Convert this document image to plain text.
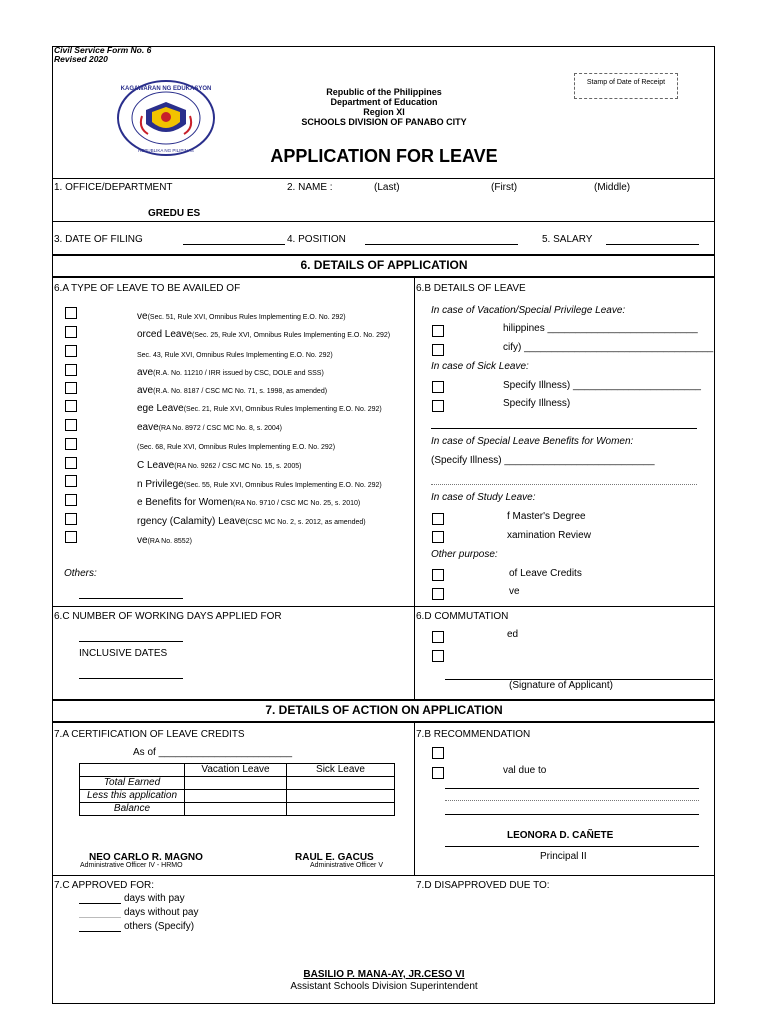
Civil Service Form No. 6
Revised 2020
KAGAWARAN NG EDUKASYON
REPUBLIKA NG PILIPINAS
Republic of the Philippines
Department of Education
Region XI
SCHOOLS DIVISION OF PANABO CITY
Stamp of Date of Receipt
APPLICATION FOR LEAVE
1. OFFICE/DEPARTMENT	2. NAME :	(Last)	(First)	(Middle)
GREDU ES
3. DATE OF FILING	4. POSITION	5. SALARY
6. DETAILS OF APPLICATION
6.A TYPE OF LEAVE TO BE AVAILED OF	6.B DETAILS OF LEAVE
ve(Sec. 51, Rule XVI, Omnibus Rules Implementing E.O. No. 292)
orced Leave(Sec. 25, Rule XVI, Omnibus Rules Implementing E.O. No. 292)
Sec. 43, Rule XVI, Omnibus Rules Implementing E.O. No. 292)
ave(R.A. No. 11210 / IRR issued by CSC, DOLE and SSS)
ave(R.A. No. 8187 / CSC MC No. 71, s. 1998, as amended)
ege Leave(Sec. 21, Rule XVI, Omnibus Rules Implementing E.O. No. 292)
eave(RA No. 8972 / CSC MC No. 8, s. 2004)
(Sec. 68, Rule XVI, Omnibus Rules Implementing E.O. No. 292)
C Leave(RA No. 9262 / CSC MC No. 15, s. 2005)
n Privilege(Sec. 55, Rule XVI, Omnibus Rules Implementing E.O. No. 292)
e Benefits for Women(RA No. 9710 / CSC MC No. 25, s. 2010)
rgency (Calamity) Leave(CSC MC No. 2, s. 2012, as amended)
ve(RA No. 8552)
Others:
In case of Vacation/Special Privilege Leave:
hilippines ___________________________
cify) __________________________________
In case of Sick Leave:
Specify Illness) _______________________
Specify Illness)
In case of Special Leave Benefits for Women:
(Specify Illness) ___________________________
In case of Study Leave:
f Master's Degree
xamination Review
Other purpose:
of Leave Credits
ve
6.C NUMBER OF WORKING DAYS APPLIED FOR
INCLUSIVE DATES
6.D COMMUTATION
ed
(Signature of Applicant)
7. DETAILS OF ACTION ON APPLICATION
7.A CERTIFICATION OF LEAVE CREDITS
As of ________________________
	Vacation Leave	Sick Leave
Total Earned		
Less this application		
Balance		
NEO CARLO R. MAGNO
Administrative Officer IV - HRMO
RAUL E. GACUS
Administrative Officer V
7.B RECOMMENDATION
val due to
LEONORA D. CAÑETE
Principal II
7.C APPROVED FOR:
days with pay
days without pay
others (Specify)
7.D DISAPPROVED DUE TO:
BASILIO P. MANA-AY, JR.CESO VI
Assistant Schools Division Superintendent
